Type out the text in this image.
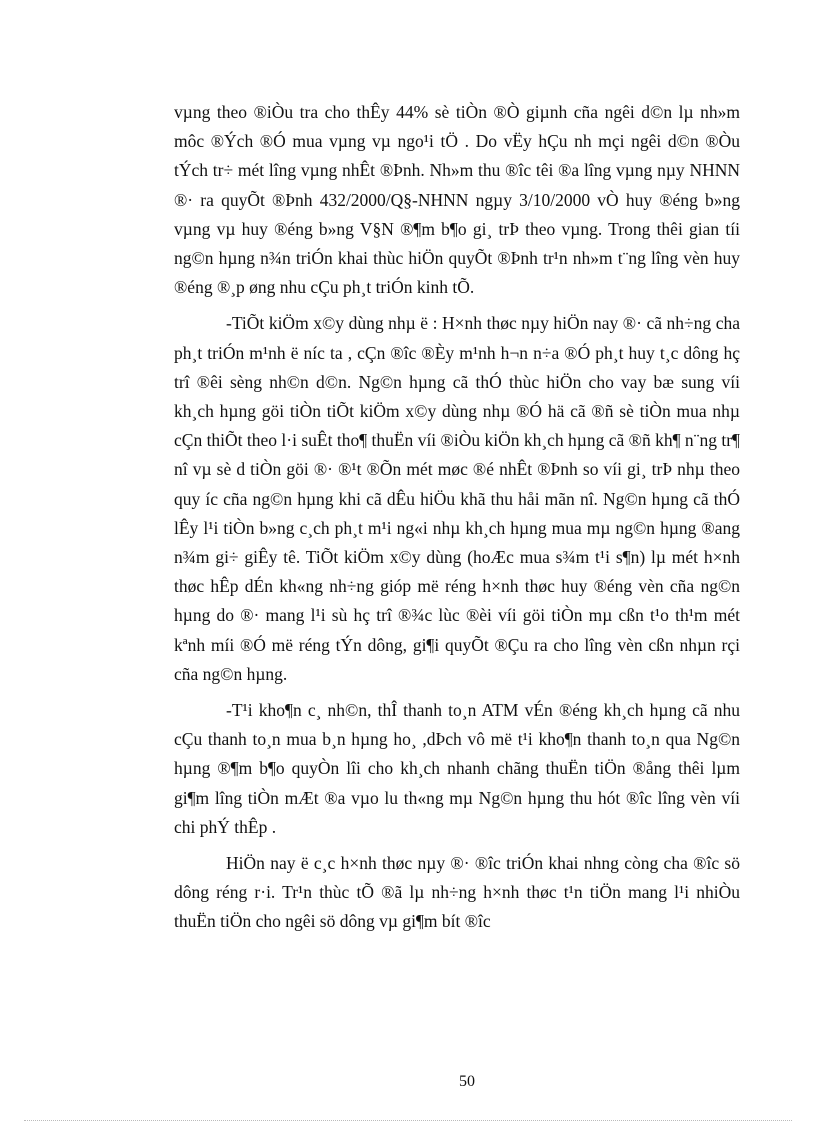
vµng theo ®iÒu tra cho thÊy 44% sè tiÒn ®Ò giµnh cña ngêi d©n lµ nh»m môc ®Ých ®Ó mua vµng vµ ngo¹i tÖ . Do vËy hÇu nh mçi ngêi d©n ®Òu tÝch tr÷ mét lîng vµng nhÊt ®Þnh. Nh»m thu ®îc têi ®a lîng vµng nµy NHNN ®· ra quyÕt ®Þnh 432/2000/Q§-NHNN ngµy 3/10/2000 vÒ huy ®éng b»ng vµng vµ huy ®éng b»ng V§N ®¶m b¶o gi¸ trÞ theo vµng. Trong thêi gian tíi ng©n hµng n¾n triÓn khai thùc hiÖn quyÕt ®Þnh tr¹n nh»m t¨ng lîng vèn huy ®éng ®¸p øng nhu cÇu ph¸t triÓn kinh tÕ.

-TiÕt kiÖm x©y dùng nhµ ë : H×nh thøc nµy hiÖn nay ®· cã nh÷ng cha ph¸t triÓn m¹nh ë níc ta , cÇn ®îc ®Èy m¹nh h¬n n÷a ®Ó ph¸t huy t¸c dông hç trî ®êi sèng nh©n d©n. Ng©n hµng cã thÓ thùc hiÖn cho vay bæ sung víi kh¸ch hµng göi tiÒn tiÕt kiÖm x©y dùng nhµ ®Ó hä cã ®ñ sè tiÒn mua nhµ cÇn thiÕt theo l·i suÊt tho¶ thuËn víi ®iÒu kiÖn kh¸ch hµng cã ®ñ kh¶ n¨ng tr¶ nî vµ sè d tiÒn göi ®· ®¹t ®Õn mét møc ®é nhÊt ®Þnh so víi gi¸ trÞ nhµ theo quy íc cña ng©n hµng khi cã dÊu hiÖu khã thu håi mãn nî. Ng©n hµng cã thÓ lÊy l¹i tiÒn b»ng c¸ch ph¸t m¹i ng«i nhµ kh¸ch hµng mua mµ ng©n hµng ®ang n¾m gi÷ giÊy tê. TiÕt kiÖm x©y dùng (hoÆc mua s¾m t¹i s¶n) lµ mét h×nh thøc hÊp dÉn kh«ng nh÷ng gióp më réng h×nh thøc huy ®éng vèn cña ng©n hµng do ®· mang l¹i sù hç trî ®¾c lùc ®èi víi göi tiÒn mµ cßn t¹o th¹m mét kªnh míi ®Ó më réng tÝn dông, gi¶i quyÕt ®Çu ra cho lîng vèn cßn nhµn rçi cña ng©n hµng.

-T¹i kho¶n c¸ nh©n, thÎ thanh to¸n ATM vÉn ®éng kh¸ch hµng cã nhu cÇu thanh to¸n mua b¸n hµng ho¸ ,dÞch vô më t¹i kho¶n thanh to¸n qua Ng©n hµng ®¶m b¶o quyÒn lîi cho kh¸ch nhanh chãng thuËn tiÖn ®ång thêi lµm gi¶m lîng tiÒn mÆt ®a vµo lu th«ng mµ Ng©n hµng thu hót ®îc lîng vèn víi chi phÝ thÊp .

HiÖn nay ë c¸c h×nh thøc nµy ®· ®îc triÓn khai nhng còng cha ®îc sö dông réng r·i. Tr¹n thùc tÕ ®ã lµ nh÷ng h×nh thøc t¹n tiÖn mang l¹i nhiÒu thuËn tiÖn cho ngêi sö dông vµ gi¶m bít ®îc

50
